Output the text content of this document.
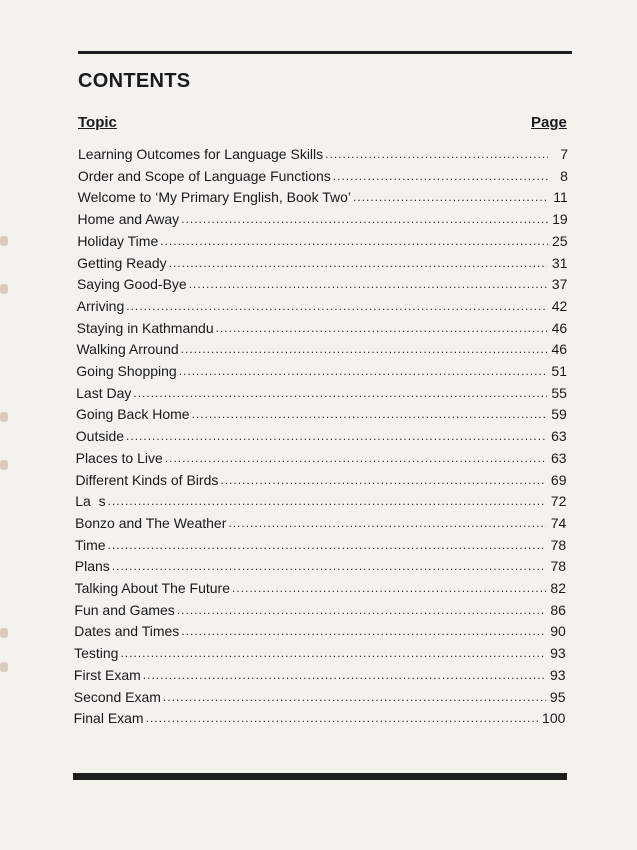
CONTENTS
Topic	Page
Learning Outcomes for Language Skills .....	7
Order and Scope of Language Functions .....	8
Welcome to ‘My Primary English, Book Two’ .....	11
Home and Away .....	19
Holiday Time .....	25
Getting Ready .....	31
Saying Good-Bye .....	37
Arriving .....	42
Staying in Kathmandu .....	46
Walking Arround .....	46
Going Shopping .....	51
Last Day .....	55
Going Back Home .....	59
Outside .....	63
Places to Live .....	63
Different Kinds of Birds .....	69
La  s .....	72
Bonzo and The Weather .....	74
Time .....	78
Plans .....	78
Talking About The Future .....	82
Fun and Games .....	86
Dates and Times .....	90
Testing .....	93
First Exam .....	93
Second Exam .....	95
Final Exam .....	100
